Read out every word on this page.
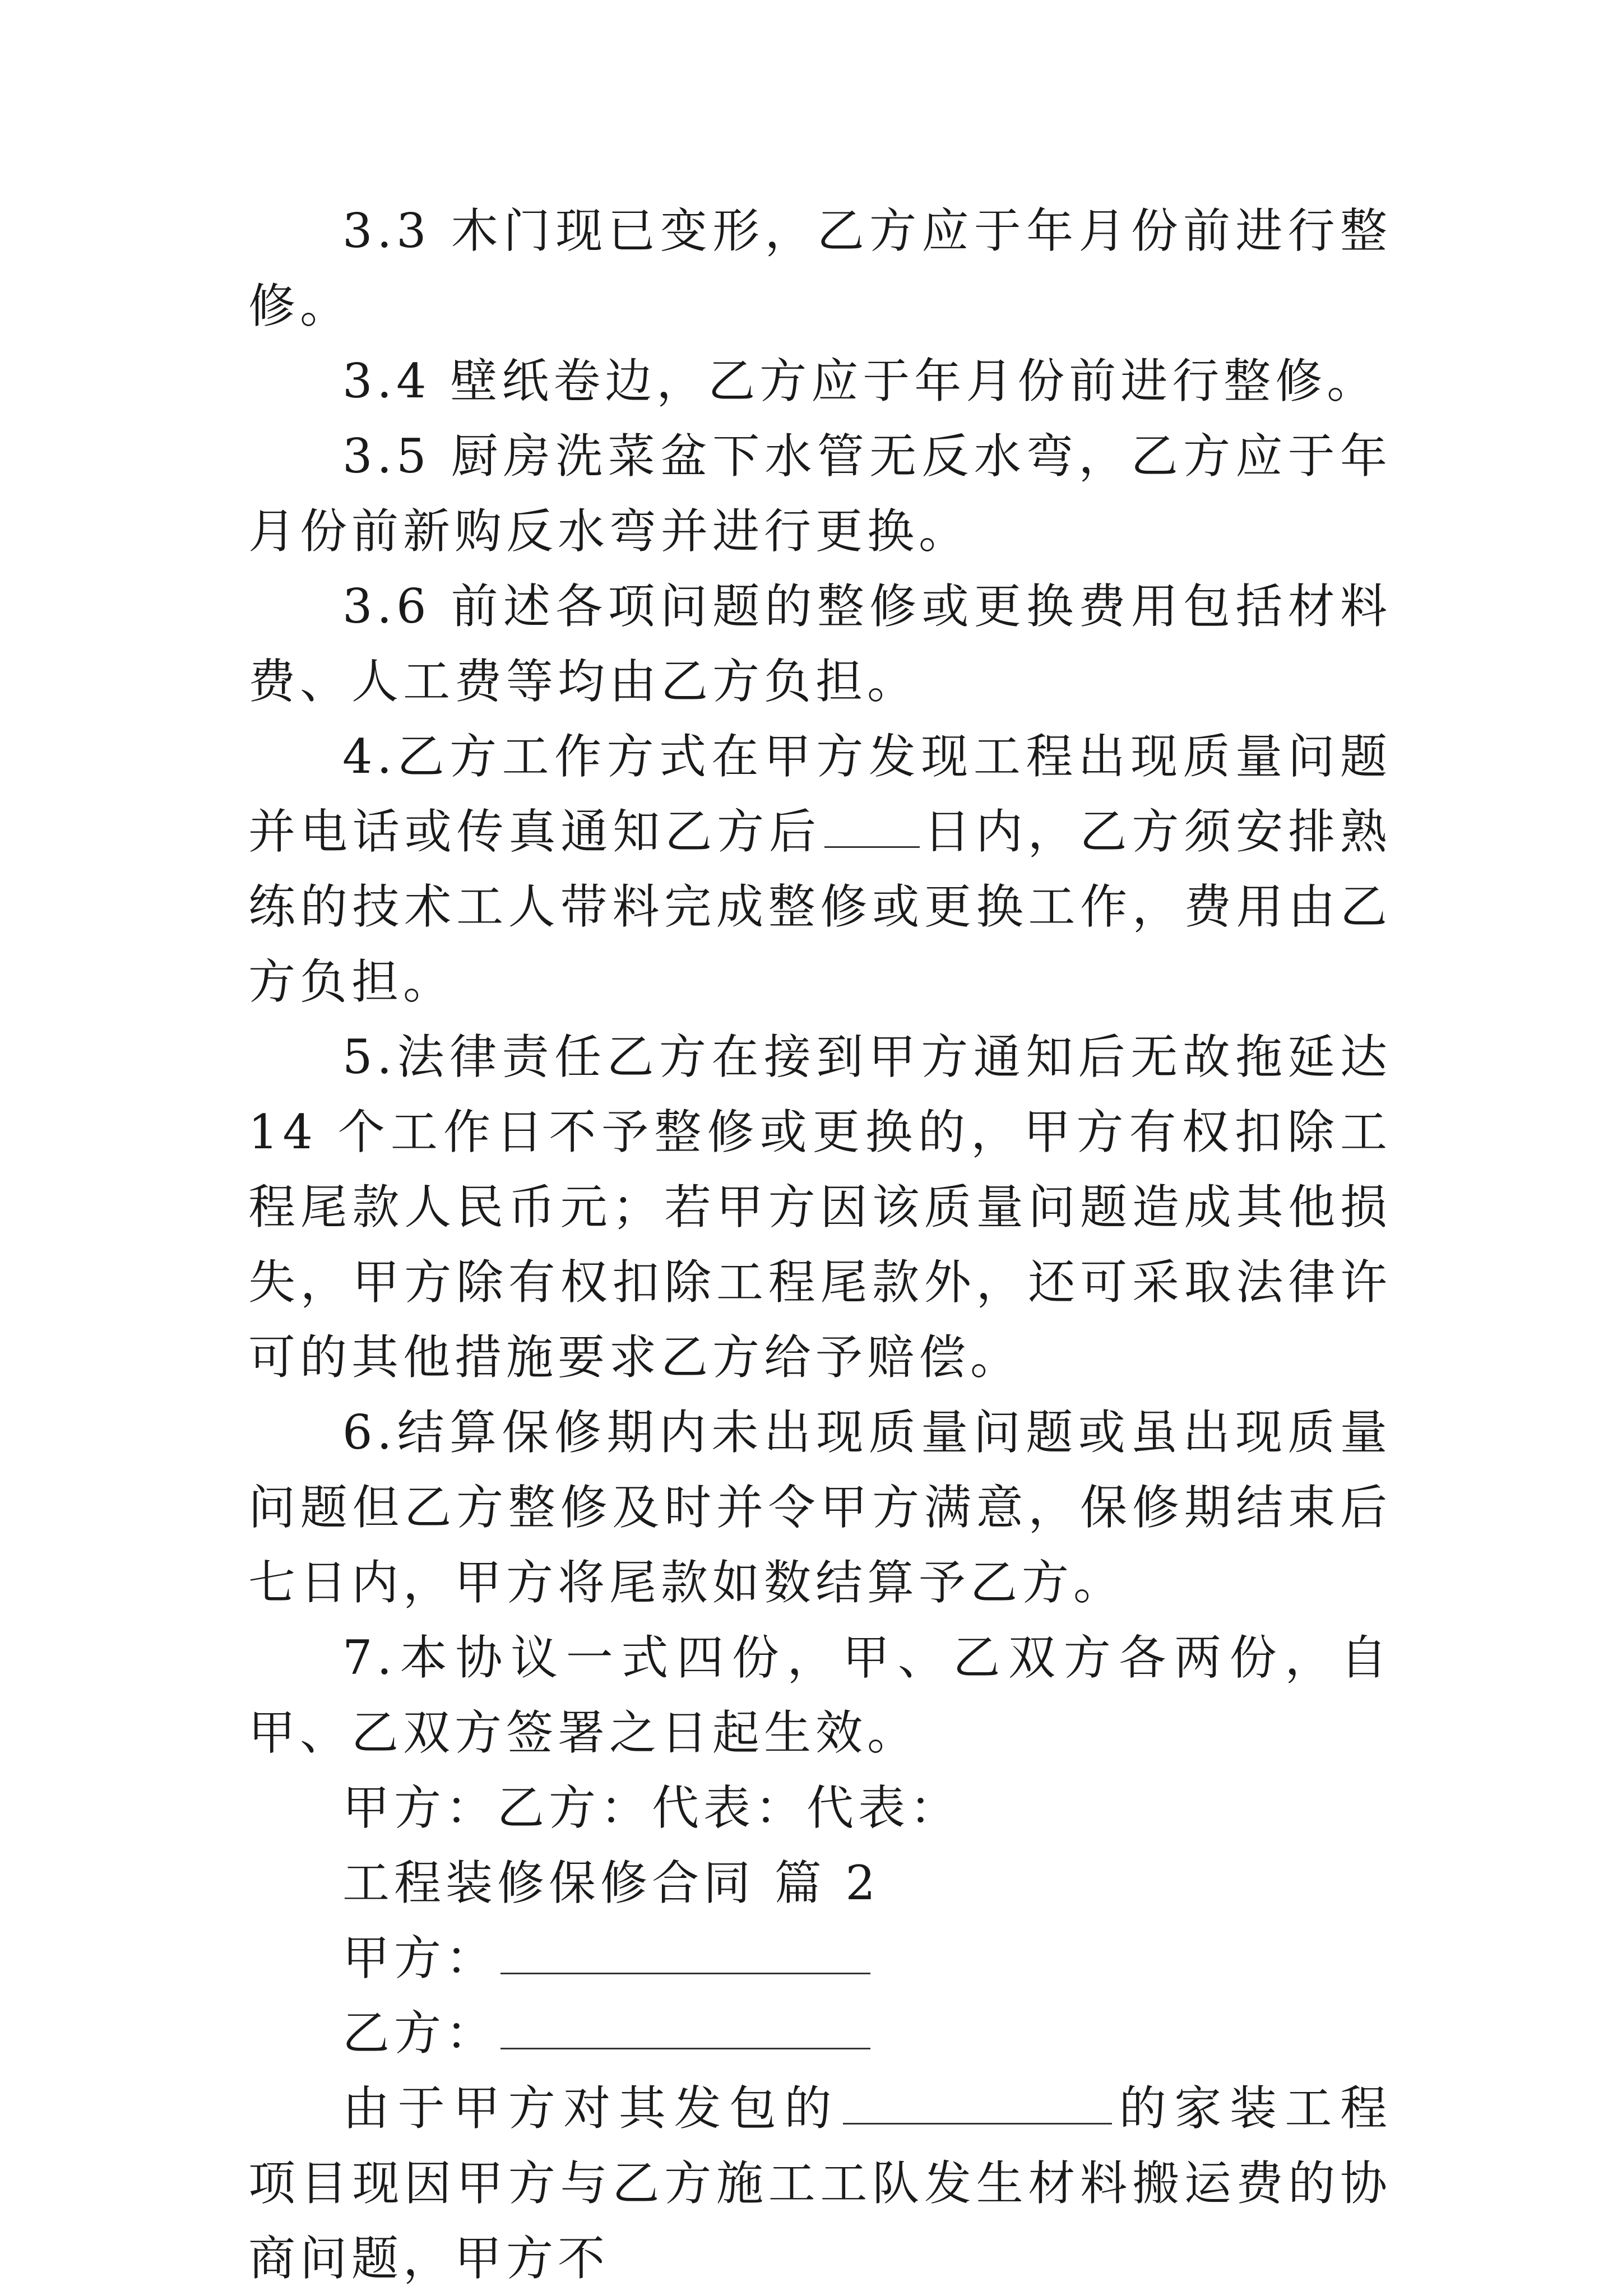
3.3 木门现已变形，乙方应于年月份前进行整修。

3.4 壁纸卷边，乙方应于年月份前进行整修。

3.5 厨房洗菜盆下水管无反水弯，乙方应于年月份前新购反水弯并进行更换。

3.6 前述各项问题的整修或更换费用包括材料费、人工费等均由乙方负担。

4.乙方工作方式在甲方发现工程出现质量问题并电话或传真通知乙方后 日内，乙方须安排熟练的技术工人带料完成整修或更换工作，费用由乙方负担。

5.法律责任乙方在接到甲方通知后无故拖延达 14 个工作日不予整修或更换的，甲方有权扣除工程尾款人民币元；若甲方因该质量问题造成其他损失，甲方除有权扣除工程尾款外，还可采取法律许可的其他措施要求乙方给予赔偿。

6.结算保修期内未出现质量问题或虽出现质量问题但乙方整修及时并令甲方满意，保修期结束后七日内，甲方将尾款如数结算予乙方。

7.本协议一式四份，甲、乙双方各两份，自甲、乙双方签署之日起生效。

甲方：乙方：代表：代表：

工程装修保修合同 篇 2

甲方：

乙方：

由于甲方对其发包的	的家装工程项目现因甲方与乙方施工工队发生材料搬运费的协商问题，甲方不
